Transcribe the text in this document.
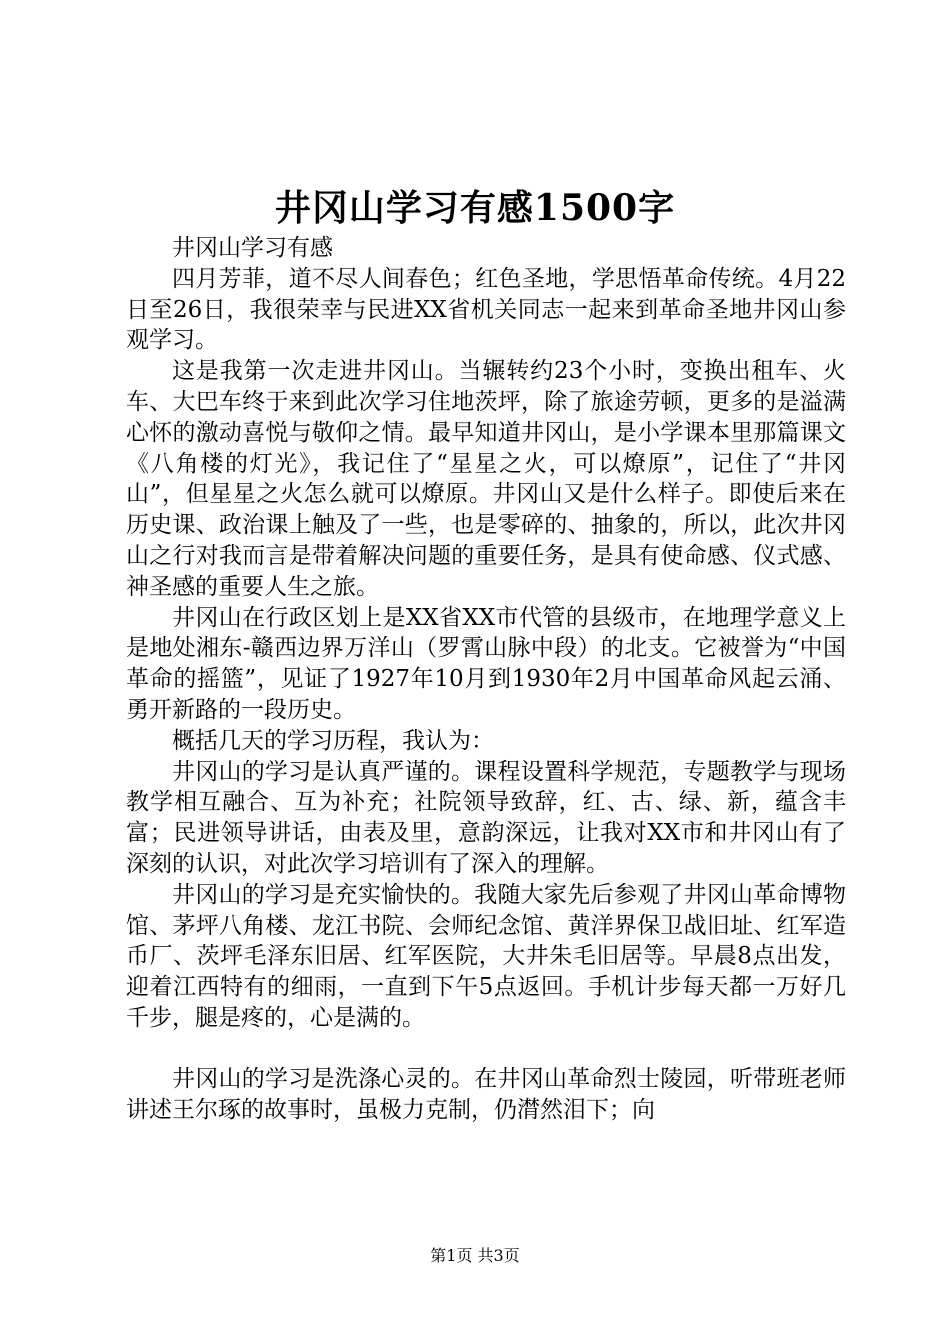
井冈山学习有感1500字

井冈山学习有感

四月芳菲，道不尽人间春色；红色圣地，学思悟革命传统。4月22日至26日，我很荣幸与民进XX省机关同志一起来到革命圣地井冈山参观学习。

这是我第一次走进井冈山。当辗转约23个小时，变换出租车、火车、大巴车终于来到此次学习住地茨坪，除了旅途劳顿，更多的是溢满心怀的激动喜悦与敬仰之情。最早知道井冈山，是小学课本里那篇课文《八角楼的灯光》，我记住了“星星之火，可以燎原”，记住了“井冈山”，但星星之火怎么就可以燎原。井冈山又是什么样子。即使后来在历史课、政治课上触及了一些，也是零碎的、抽象的，所以，此次井冈山之行对我而言是带着解决问题的重要任务，是具有使命感、仪式感、神圣感的重要人生之旅。

井冈山在行政区划上是XX省XX市代管的县级市，在地理学意义上是地处湘东-赣西边界万洋山（罗霄山脉中段）的北支。它被誉为“中国革命的摇篮”，见证了1927年10月到1930年2月中国革命风起云涌、勇开新路的一段历史。

概括几天的学习历程，我认为：

井冈山的学习是认真严谨的。课程设置科学规范，专题教学与现场教学相互融合、互为补充；社院领导致辞，红、古、绿、新，蕴含丰富；民进领导讲话，由表及里，意韵深远，让我对XX市和井冈山有了深刻的认识，对此次学习培训有了深入的理解。

井冈山的学习是充实愉快的。我随大家先后参观了井冈山革命博物馆、茅坪八角楼、龙江书院、会师纪念馆、黄洋界保卫战旧址、红军造币厂、茨坪毛泽东旧居、红军医院，大井朱毛旧居等。早晨8点出发，迎着江西特有的细雨，一直到下午5点返回。手机计步每天都一万好几千步，腿是疼的，心是满的。

井冈山的学习是洗涤心灵的。在井冈山革命烈士陵园，听带班老师讲述王尔琢的故事时，虽极力克制，仍潸然泪下；向

第1页 共3页
